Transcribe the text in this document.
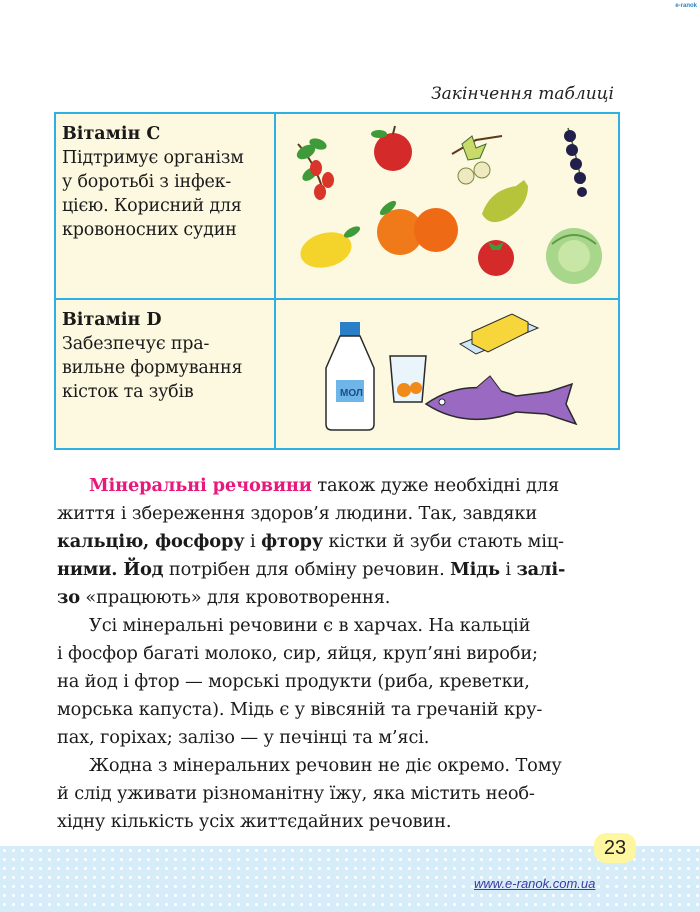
e-ranok
Закінчення таблиці
Вітамін С
Підтримує організм
у боротьбі з інфек-
цією. Корисний для
кровоносних судин
Вітамін D
Забезпечує пра-
вильне формування
кісток та зубів	МОЛ
Мінеральні речовини також дуже необхідні для
життя і збереження здоров’я людини. Так, завдяки
кальцію, фосфору і фтору кістки й зуби стають міц-
ними. Йод потрібен для обміну речовин. Мідь і залі-
зо «працюють» для кровотворення.
Усі мінеральні речовини є в харчах. На кальцій
і фосфор багаті молоко, сир, яйця, круп’яні вироби;
на йод і фтор — морські продукти (риба, креветки,
морська капуста). Мідь є у вівсяній та гречаній кру-
пах, горіхах; залізо — у печінці та м’ясі.
Жодна з мінеральних речовин не діє окремо. Тому
й слід уживати різноманітну їжу, яка містить необ-
хідну кількість усіх життєдайних речовин.
23
www.e-ranok.com.ua
